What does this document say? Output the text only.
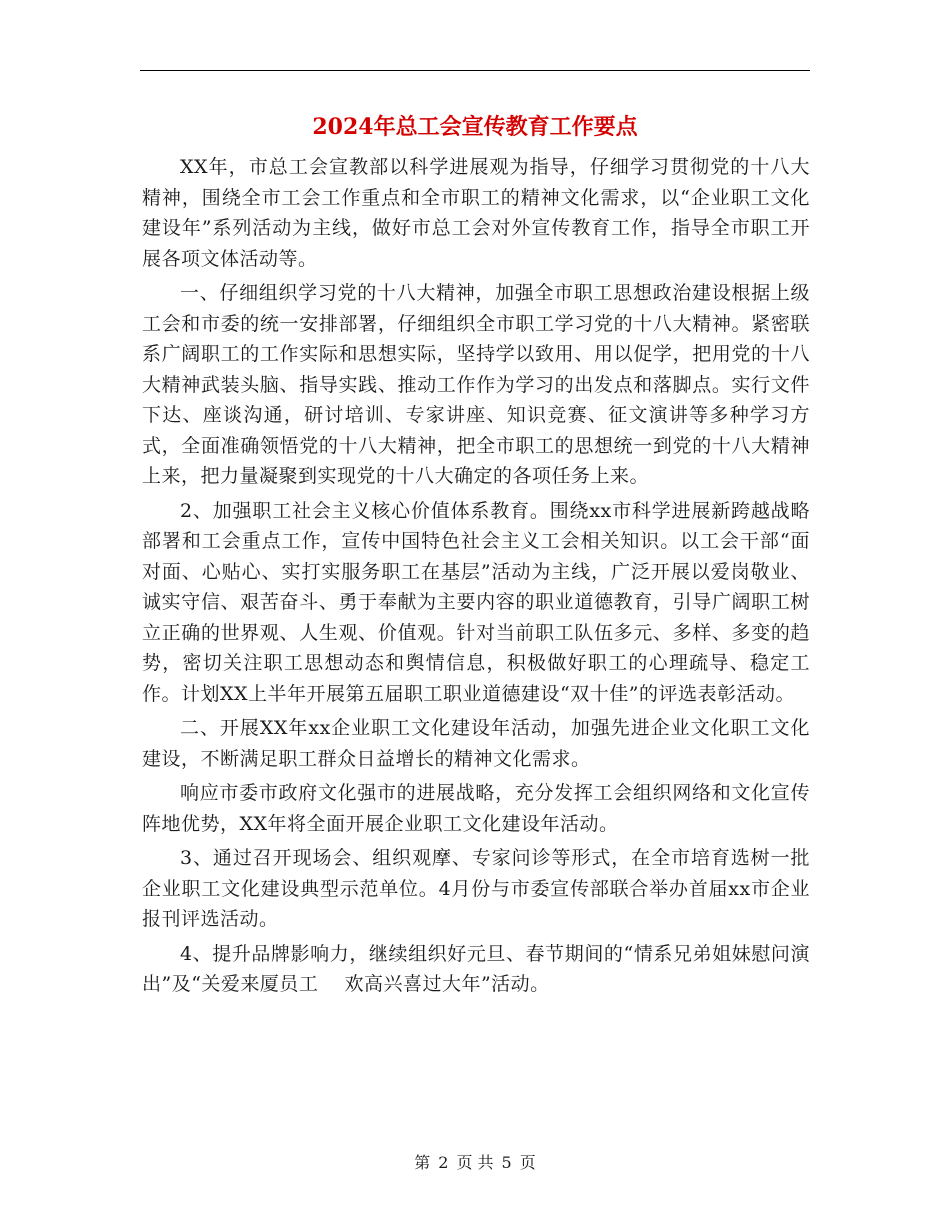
2024年总工会宣传教育工作要点

XX年，市总工会宣教部以科学进展观为指导，仔细学习贯彻党的十八大精神，围绕全市工会工作重点和全市职工的精神文化需求，以“企业职工文化建设年”系列活动为主线，做好市总工会对外宣传教育工作，指导全市职工开展各项文体活动等。

一、仔细组织学习党的十八大精神，加强全市职工思想政治建设根据上级工会和市委的统一安排部署，仔细组织全市职工学习党的十八大精神。紧密联系广阔职工的工作实际和思想实际，坚持学以致用、用以促学，把用党的十八大精神武装头脑、指导实践、推动工作作为学习的出发点和落脚点。实行文件下达、座谈沟通，研讨培训、专家讲座、知识竞赛、征文演讲等多种学习方式，全面准确领悟党的十八大精神，把全市职工的思想统一到党的十八大精神上来，把力量凝聚到实现党的十八大确定的各项任务上来。

2、加强职工社会主义核心价值体系教育。围绕xx市科学进展新跨越战略部署和工会重点工作，宣传中国特色社会主义工会相关知识。以工会干部“面对面、心贴心、实打实服务职工在基层”活动为主线，广泛开展以爱岗敬业、诚实守信、艰苦奋斗、勇于奉献为主要内容的职业道德教育，引导广阔职工树立正确的世界观、人生观、价值观。针对当前职工队伍多元、多样、多变的趋势，密切关注职工思想动态和舆情信息，积极做好职工的心理疏导、稳定工作。计划XX上半年开展第五届职工职业道德建设“双十佳”的评选表彰活动。

二、开展XX年xx企业职工文化建设年活动，加强先进企业文化职工文化建设，不断满足职工群众日益增长的精神文化需求。

响应市委市政府文化强市的进展战略，充分发挥工会组织网络和文化宣传阵地优势，XX年将全面开展企业职工文化建设年活动。

3、通过召开现场会、组织观摩、专家问诊等形式，在全市培育选树一批企业职工文化建设典型示范单位。4月份与市委宣传部联合举办首届xx市企业报刊评选活动。

4、提升品牌影响力，继续组织好元旦、春节期间的“情系兄弟姐妹慰问演出”及“关爱来厦员工　 欢高兴喜过大年”活动。

第 2 页 共 5 页
